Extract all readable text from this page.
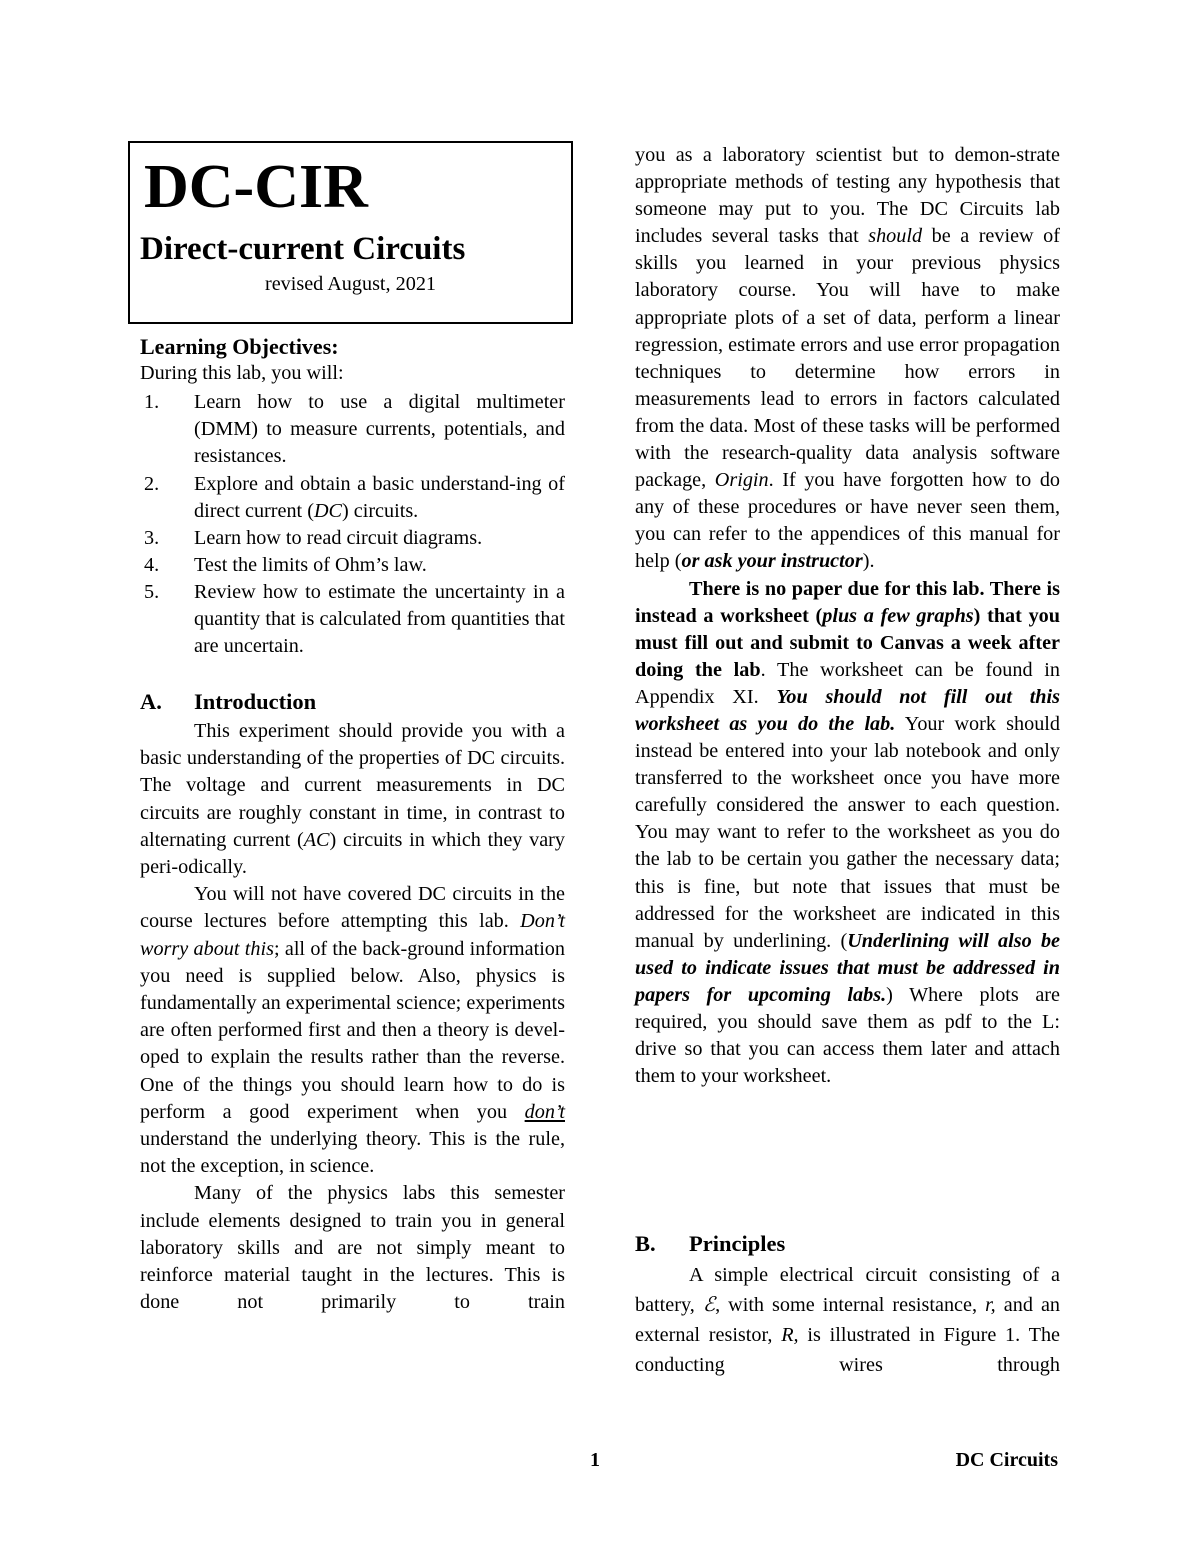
DC-CIR
Direct-current Circuits
revised August, 2021
Learning Objectives:
During this lab, you will:
1. Learn how to use a digital multimeter (DMM) to measure currents, potentials, and resistances.
2. Explore and obtain a basic understand-ing of direct current (DC) circuits.
3. Learn how to read circuit diagrams.
4. Test the limits of Ohm’s law.
5. Review how to estimate the uncertainty in a quantity that is calculated from quantities that are uncertain.
A. Introduction

This experiment should provide you with a basic understanding of the properties of DC circuits. The voltage and current measurements in DC circuits are roughly constant in time, in contrast to alternating current (AC) circuits in which they vary peri-odically.

You will not have covered DC circuits in the course lectures before attempting this lab. Don’t worry about this; all of the back-ground information you need is supplied below. Also, physics is fundamentally an experimental science; experiments are often performed first and then a theory is devel-oped to explain the results rather than the reverse. One of the things you should learn how to do is perform a good experiment when you don’t understand the underlying theory. This is the rule, not the exception, in science.

Many of the physics labs this semester include elements designed to train you in general laboratory skills and are not simply meant to reinforce material taught in the lectures. This is done not primarily to train

you as a laboratory scientist but to demon-strate appropriate methods of testing any hypothesis that someone may put to you. The DC Circuits lab includes several tasks that should be a review of skills you learned in your previous physics laboratory course. You will have to make appropriate plots of a set of data, perform a linear regression, estimate errors and use error propagation techniques to determine how errors in measurements lead to errors in factors calculated from the data. Most of these tasks will be performed with the research-quality data analysis software package, Origin. If you have forgotten how to do any of these procedures or have never seen them, you can refer to the appendices of this manual for help (or ask your instructor).

There is no paper due for this lab. There is instead a worksheet (plus a few graphs) that you must fill out and submit to Canvas a week after doing the lab. The worksheet can be found in Appendix XI. You should not fill out this worksheet as you do the lab. Your work should instead be entered into your lab notebook and only transferred to the worksheet once you have more carefully considered the answer to each question. You may want to refer to the worksheet as you do the lab to be certain you gather the necessary data; this is fine, but note that issues that must be addressed for the worksheet are indicated in this manual by underlining. (Underlining will also be used to indicate issues that must be addressed in papers for upcoming labs.) Where plots are required, you should save them as pdf to the L: drive so that you can access them later and attach them to your worksheet.

B. Principles

A simple electrical circuit consisting of a battery, ℰ, with some internal resistance, r, and an external resistor, R, is illustrated in Figure 1. The conducting wires through

1	DC Circuits
